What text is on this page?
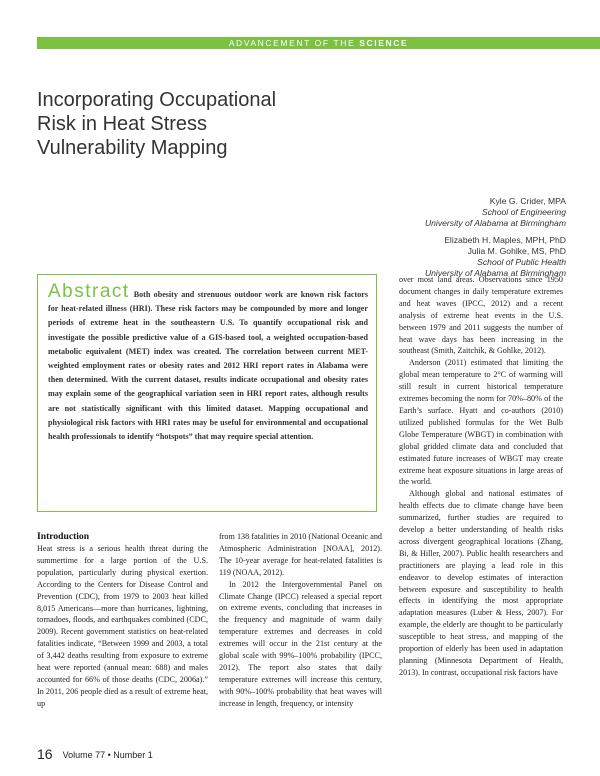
ADVANCEMENT OF THE SCIENCE
Incorporating Occupational
Risk in Heat Stress
Vulnerability Mapping
Kyle G. Crider, MPA
School of Engineering
University of Alabama at Birmingham
Elizabeth H. Maples, MPH, PhD
Julia M. Gohlke, MS, PhD
School of Public Health
University of Alabama at Birmingham

Abstract Both obesity and strenuous outdoor work are known risk factors for heat-related illness (HRI). These risk factors may be compounded by more and longer periods of extreme heat in the southeastern U.S. To quantify occupational risk and investigate the possible predictive value of a GIS-based tool, a weighted occupation-based metabolic equivalent (MET) index was created. The correlation between current MET-weighted employment rates or obesity rates and 2012 HRI report rates in Alabama were then determined. With the current dataset, results indicate occupational and obesity rates may explain some of the geographical variation seen in HRI report rates, although results are not statistically significant with this limited dataset. Mapping occupational and physiological risk factors with HRI rates may be useful for environmental and occupational health professionals to identify “hotspots” that may require special attention.

Introduction

Heat stress is a serious health threat during the summertime for a large portion of the U.S. population, particularly during physical exertion. According to the Centers for Disease Control and Prevention (CDC), from 1979 to 2003 heat killed 8,015 Americans—more than hurricanes, lightning, tornadoes, floods, and earthquakes combined (CDC, 2009). Recent government statistics on heat-related fatalities indicate, “Between 1999 and 2003, a total of 3,442 deaths resulting from exposure to extreme heat were reported (annual mean: 688) and males accounted for 66% of those deaths (CDC, 2006a).” In 2011, 206 people died as a result of extreme heat, up

from 138 fatalities in 2010 (National Oceanic and Atmospheric Administration [NOAA], 2012). The 10-year average for heat-related fatalities is 119 (NOAA, 2012).

In 2012 the Intergovernmental Panel on Climate Change (IPCC) released a special report on extreme events, concluding that increases in the frequency and magnitude of warm daily temperature extremes and decreases in cold extremes will occur in the 21st century at the global scale with 99%–100% probability (IPCC, 2012). The report also states that daily temperature extremes will increase this century, with 90%–100% probability that heat waves will increase in length, frequency, or intensity

over most land areas. Observations since 1950 document changes in daily temperature extremes and heat waves (IPCC, 2012) and a recent analysis of extreme heat events in the U.S. between 1979 and 2011 suggests the number of heat wave days has been increasing in the southeast (Smith, Zaitchik, & Gohlke, 2012).

Anderson (2011) estimated that limiting the global mean temperature to 2°C of warming will still result in current historical temperature extremes becoming the norm for 70%–80% of the Earth’s surface. Hyatt and co-authors (2010) utilized published formulas for the Wet Bulb Globe Temperature (WBGT) in combination with global gridded climate data and concluded that estimated future increases of WBGT may create extreme heat exposure situations in large areas of the world.

Although global and national estimates of health effects due to climate change have been summarized, further studies are required to develop a better understanding of health risks across divergent geographical locations (Zhang, Bi, & Hiller, 2007). Public health researchers and practitioners are playing a lead role in this endeavor to develop estimates of interaction between exposure and susceptibility to health effects in identifying the most appropriate adaptation measures (Luber & Hess, 2007). For example, the elderly are thought to be particularly susceptible to heat stress, and mapping of the proportion of elderly has been used in adaptation planning (Minnesota Department of Health, 2013). In contrast, occupational risk factors have

16 Volume 77 • Number 1
